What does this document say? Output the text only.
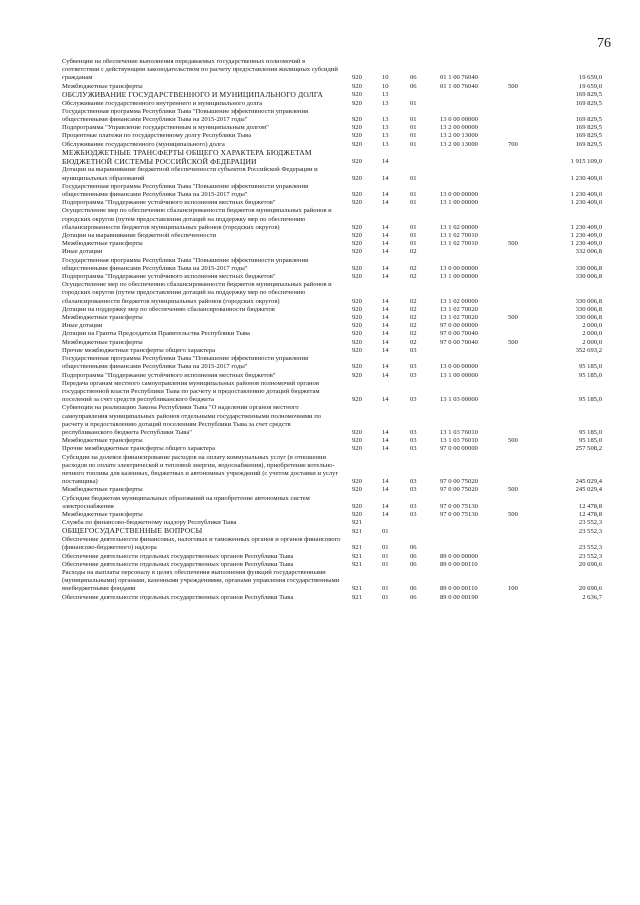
76
Субвенции на обеспечение выполнения передаваемых государственных полномочий в соответствии с действующим законодательством по расчету предоставления жилищных субсидий гражданам	920	10	06	01 1 00 76040	19 659,0
Межбюджетные трансферты	920	10	06	01 1 00 76040	500	19 659,0
ОБСЛУЖИВАНИЕ ГОСУДАРСТВЕННОГО И МУНИЦИПАЛЬНОГО ДОЛГА	920	13	169 829,5
Обслуживание государственного внутреннего и муниципального долга	920	13	01	169 829,5
Государственная программа Республики Тыва "Повышение эффективности управления общественными финансами Республики Тыва на 2015-2017 годы"	920	13	01	13 0 00 00000	169 829,5
Подпрограмма "Управление государственным и муниципальным долгом"	920	13	01	13 2 00 00000	169 829,5
Процентные платежи по государственному долгу Республики Тыва	920	13	01	13 2 00 13000	169 829,5
Обслуживание государственного (муниципального) долга	920	13	01	13 2 00 13000	700	169 829,5
МЕЖБЮДЖЕТНЫЕ ТРАНСФЕРТЫ ОБЩЕГО ХАРАКТЕРА БЮДЖЕТАМ БЮДЖЕТНОЙ СИСТЕМЫ РОССИЙСКОЙ ФЕДЕРАЦИИ	920	14	1 915 109,0
Дотации на выравнивание бюджетной обеспеченности субъектов Российской Федерации и муниципальных образований	920	14	01	1 230 409,0
Государственная программа Республики Тыва "Повышение эффективности управления общественными финансами Республики Тыва на 2015-2017 годы"	920	14	01	13 0 00 00000	1 230 409,0
Подпрограмма "Поддержание устойчивого исполнения местных бюджетов"	920	14	01	13 1 00 00000	1 230 409,0
Осуществление мер по обеспечению сбалансированности бюджетов муниципальных районов и городских округов (путем предоставления дотаций на поддержку мер по обеспечению сбалансированности бюджетов муниципальных районов (городских округов)	920	14	01	13 1 02 00000	1 230 409,0
Дотации на выравнивание бюджетной обеспеченности	920	14	01	13 1 02 70010	1 230 409,0
Межбюджетные трансферты	920	14	01	13 1 02 70010	500	1 230 409,0
Иные дотации	920	14	02	332 006,8
Государственная программа Республики Тыва "Повышение эффективности управления общественными финансами Республики Тыва на 2015-2017 годы"	920	14	02	13 0 00 00000	330 006,8
Подпрограмма "Поддержание устойчивого исполнения местных бюджетов"	920	14	02	13 1 00 00000	330 006,8
Осуществление мер по обеспечению сбалансированности бюджетов муниципальных районов и городских округов (путем предоставления дотаций на поддержку мер по обеспечению сбалансированности бюджетов муниципальных районов (городских округов)	920	14	02	13 1 02 00000	330 006,8
Дотации на поддержку мер по обеспечению сбалансированности бюджетов	920	14	02	13 1 02 70020	330 006,8
Межбюджетные трансферты	920	14	02	13 1 02 70020	500	330 006,8
Иные дотации	920	14	02	97 0 00 00000	2 000,0
Дотации на Гранты Председателя Правительства Республики Тыва	920	14	02	97 0 00 70040	2 000,0
Межбюджетные трансферты	920	14	02	97 0 00 70040	500	2 000,0
Прочие межбюджетные трансферты общего характера	920	14	03	352 693,2
Государственная программа Республики Тыва "Повышение эффективности управления общественными финансами Республики Тыва на 2015-2017 годы"	920	14	03	13 0 00 00000	95 185,0
Подпрограмма "Поддержание устойчивого исполнения местных бюджетов"	920	14	03	13 1 00 00000	95 185,0
Передача органам местного самоуправления муниципальных районов полномочий органов государственной власти Республики Тыва по расчету и предоставлению дотаций бюджетам поселений за счет средств республиканского бюджета	920	14	03	13 1 03 00000	95 185,0
Субвенции на реализацию Закона Республики Тыва "О наделении органов местного самоуправления муниципальных районов отдельными государственными полномочиями по расчету и предоставлению дотаций поселениям Республики Тыва за счет средств республиканского бюджета Республики Тыва"	920	14	03	13 1 03 76010	95 185,0
Межбюджетные трансферты	920	14	03	13 1 03 76010	500	95 185,0
Прочие межбюджетные трансферты общего характера	920	14	03	97 0 00 00000	257 508,2
Субсидии на долевое финансирование расходов на оплату коммунальных услуг (в отношении расходов по оплате электрической и тепловой энергии, водоснабжения), приобретение котельно-печного топлива для казенных, бюджетных и автономных учреждений (с учетом доставки и услуг поставщика)	920	14	03	97 0 00 75020	245 029,4
Межбюджетные трансферты	920	14	03	97 0 00 75020	500	245 029,4
Субсидии бюджетам муниципальных образований на приобретение автономных систем электроснабжения	920	14	03	97 0 00 75130	12 478,8
Межбюджетные трансферты	920	14	03	97 0 00 75130	500	12 478,8
Служба по финансово-бюджетному надзору Республики Тыва	921	23 552,3
ОБЩЕГОСУДАРСТВЕННЫЕ ВОПРОСЫ	921	01	23 552,3
Обеспечение деятельности финансовых, налоговых и таможенных органов и органов финансового (финансово-бюджетного) надзора	921	01	06	23 552,3
Обеспечение деятельности отдельных государственных органов Республики Тыва	921	01	06	89 0 00 00000	23 552,3
Обеспечение деятельности отдельных государственных органов Республики Тыва	921	01	06	89 0 00 00110	20 690,6
Расходы на выплаты персоналу в целях обеспечения выполнения функций государственными (муниципальными) органами, казенными учреждениями, органами управления государственными внебюджетными фондами	921	01	06	89 0 00 00110	100	20 690,6
Обеспечение деятельности отдельных государственных органов Республики Тыва	921	01	06	89 0 00 00190	2 636,7
